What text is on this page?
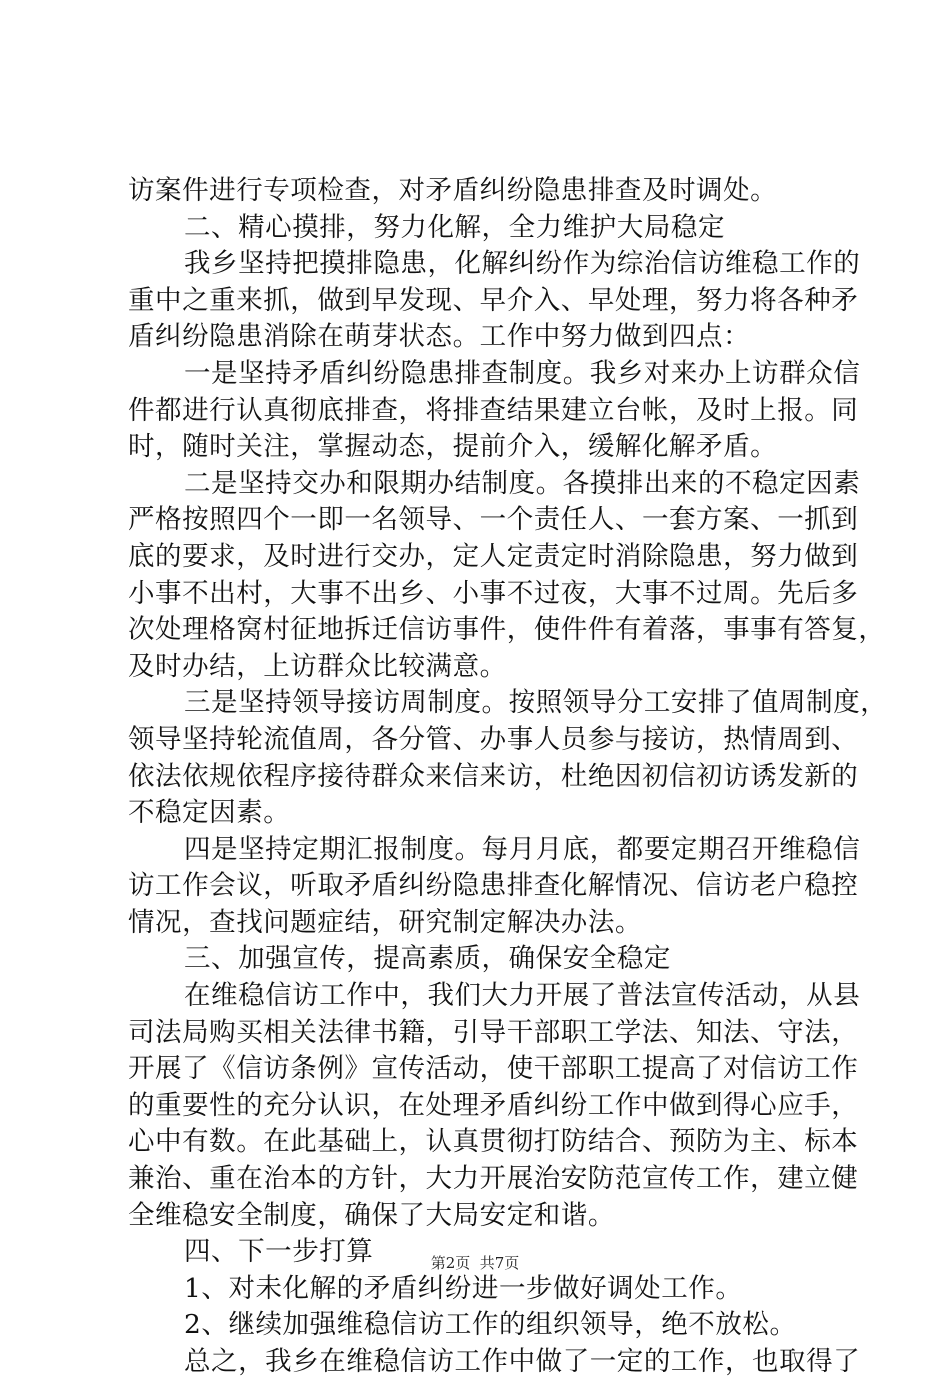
访案件进行专项检查，对矛盾纠纷隐患排查及时调处。
二、精心摸排，努力化解，全力维护大局稳定
我乡坚持把摸排隐患，化解纠纷作为综治信访维稳工作的
重中之重来抓，做到早发现、早介入、早处理，努力将各种矛
盾纠纷隐患消除在萌芽状态。工作中努力做到四点：
一是坚持矛盾纠纷隐患排查制度。我乡对来办上访群众信
件都进行认真彻底排查，将排查结果建立台帐，及时上报。同
时，随时关注，掌握动态，提前介入，缓解化解矛盾。
二是坚持交办和限期办结制度。各摸排出来的不稳定因素
严格按照四个一即一名领导、一个责任人、一套方案、一抓到
底的要求，及时进行交办，定人定责定时消除隐患，努力做到
小事不出村，大事不出乡、小事不过夜，大事不过周。先后多
次处理格窝村征地拆迁信访事件，使件件有着落，事事有答复，
及时办结，上访群众比较满意。
三是坚持领导接访周制度。按照领导分工安排了值周制度，
领导坚持轮流值周，各分管、办事人员参与接访，热情周到、
依法依规依程序接待群众来信来访，杜绝因初信初访诱发新的
不稳定因素。
四是坚持定期汇报制度。每月月底，都要定期召开维稳信
访工作会议，听取矛盾纠纷隐患排查化解情况、信访老户稳控
情况，查找问题症结，研究制定解决办法。
三、加强宣传，提高素质，确保安全稳定
在维稳信访工作中，我们大力开展了普法宣传活动，从县
司法局购买相关法律书籍，引导干部职工学法、知法、守法，
开展了《信访条例》宣传活动，使干部职工提高了对信访工作
的重要性的充分认识，在处理矛盾纠纷工作中做到得心应手，
心中有数。在此基础上，认真贯彻打防结合、预防为主、标本
兼治、重在治本的方针，大力开展治安防范宣传工作，建立健
全维稳安全制度，确保了大局安定和谐。
四、下一步打算
1、对未化解的矛盾纠纷进一步做好调处工作。
2、继续加强维稳信访工作的组织领导，绝不放松。
总之，我乡在维稳信访工作中做了一定的工作，也取得了
第2页  共7页
